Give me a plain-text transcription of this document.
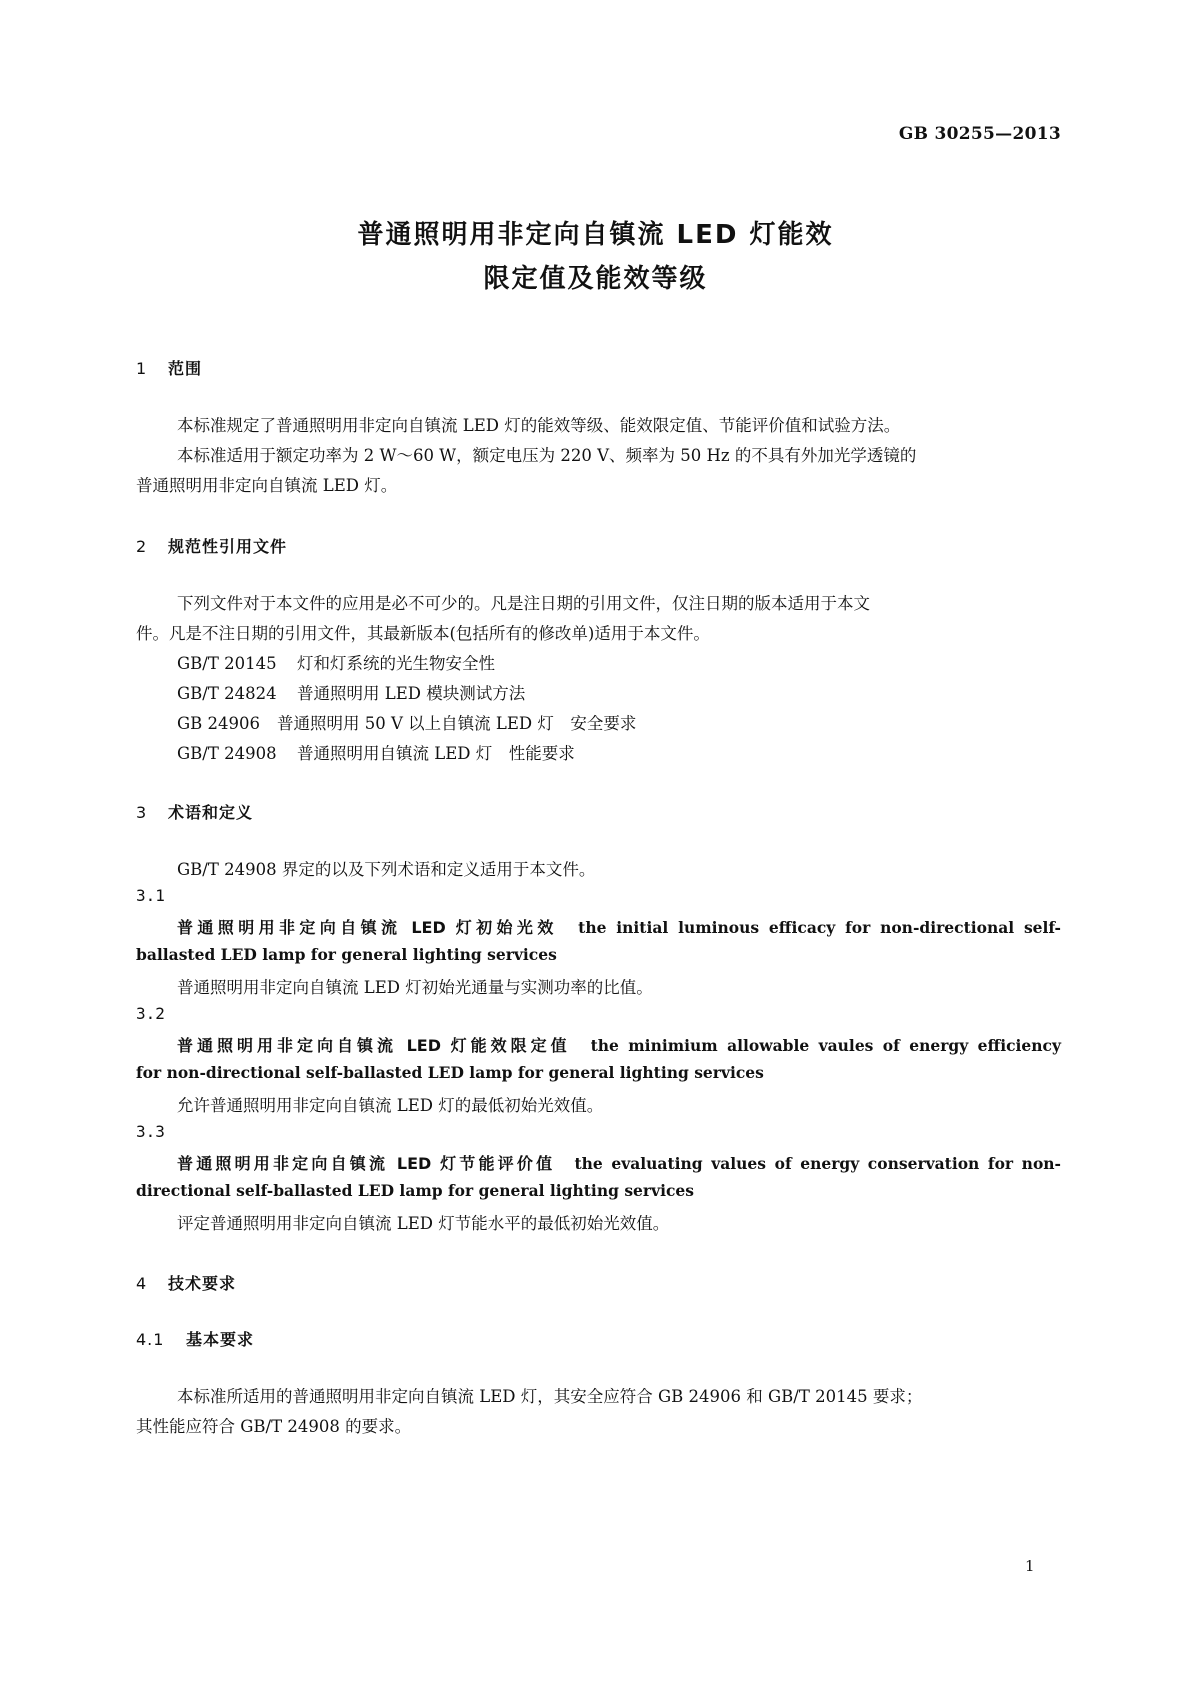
GB 30255—2013
普通照明用非定向自镇流 LED 灯能效
限定值及能效等级
1 范围
本标准规定了普通照明用非定向自镇流 LED 灯的能效等级、能效限定值、节能评价值和试验方法。
本标准适用于额定功率为 2 W～60 W，额定电压为 220 V、频率为 50 Hz 的不具有外加光学透镜的
普通照明用非定向自镇流 LED 灯。
2 规范性引用文件
下列文件对于本文件的应用是必不可少的。凡是注日期的引用文件，仅注日期的版本适用于本文
件。凡是不注日期的引用文件，其最新版本(包括所有的修改单)适用于本文件。
GB/T 20145 灯和灯系统的光生物安全性
GB/T 24824 普通照明用 LED 模块测试方法
GB 24906 普通照明用 50 V 以上自镇流 LED 灯　安全要求
GB/T 24908 普通照明用自镇流 LED 灯　性能要求
3 术语和定义
GB/T 24908 界定的以及下列术语和定义适用于本文件。
3.1
普通照明用非定向自镇流 LED 灯初始光效　 the initial luminous efficacy for non-directional self-
ballasted LED lamp for general lighting services
普通照明用非定向自镇流 LED 灯初始光通量与实测功率的比值。
3.2
普通照明用非定向自镇流 LED 灯能效限定值　 the minimium allowable vaules of energy efficiency
for non-directional self-ballasted LED lamp for general lighting services
允许普通照明用非定向自镇流 LED 灯的最低初始光效值。
3.3
普通照明用非定向自镇流 LED 灯节能评价值　 the evaluating values of energy conservation for non-
directional self-ballasted LED lamp for general lighting services
评定普通照明用非定向自镇流 LED 灯节能水平的最低初始光效值。
4 技术要求
4.1 基本要求
本标准所适用的普通照明用非定向自镇流 LED 灯，其安全应符合 GB 24906 和 GB/T 20145 要求；
其性能应符合 GB/T 24908 的要求。
1
